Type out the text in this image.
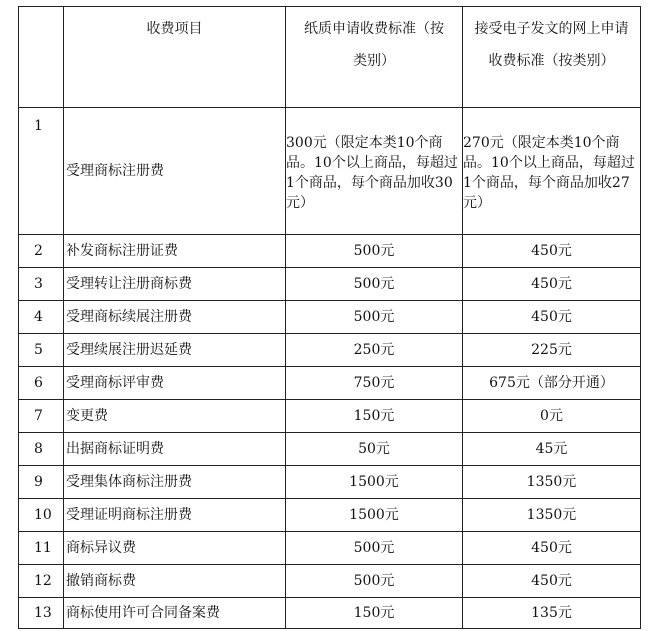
	收费项目	纸质申请收费标准（按类别）	接受电子发文的网上申请收费标准（按类别）

1	受理商标注册费	300元（限定本类10个商品。10个以上商品，每超过1个商品，每个商品加收30元）	270元（限定本类10个商品。10个以上商品，每超过1个商品，每个商品加收27元）

2	补发商标注册证费	500元	450元
3	受理转让注册商标费	500元	450元
4	受理商标续展注册费	500元	450元
5	受理续展注册迟延费	250元	225元
6	受理商标评审费	750元	675元（部分开通）
7	变更费	150元	0元
8	出据商标证明费	50元	45元
9	受理集体商标注册费	1500元	1350元
10	受理证明商标注册费	1500元	1350元
11	商标异议费	500元	450元
12	撤销商标费	500元	450元
13	商标使用许可合同备案费	150元	135元
